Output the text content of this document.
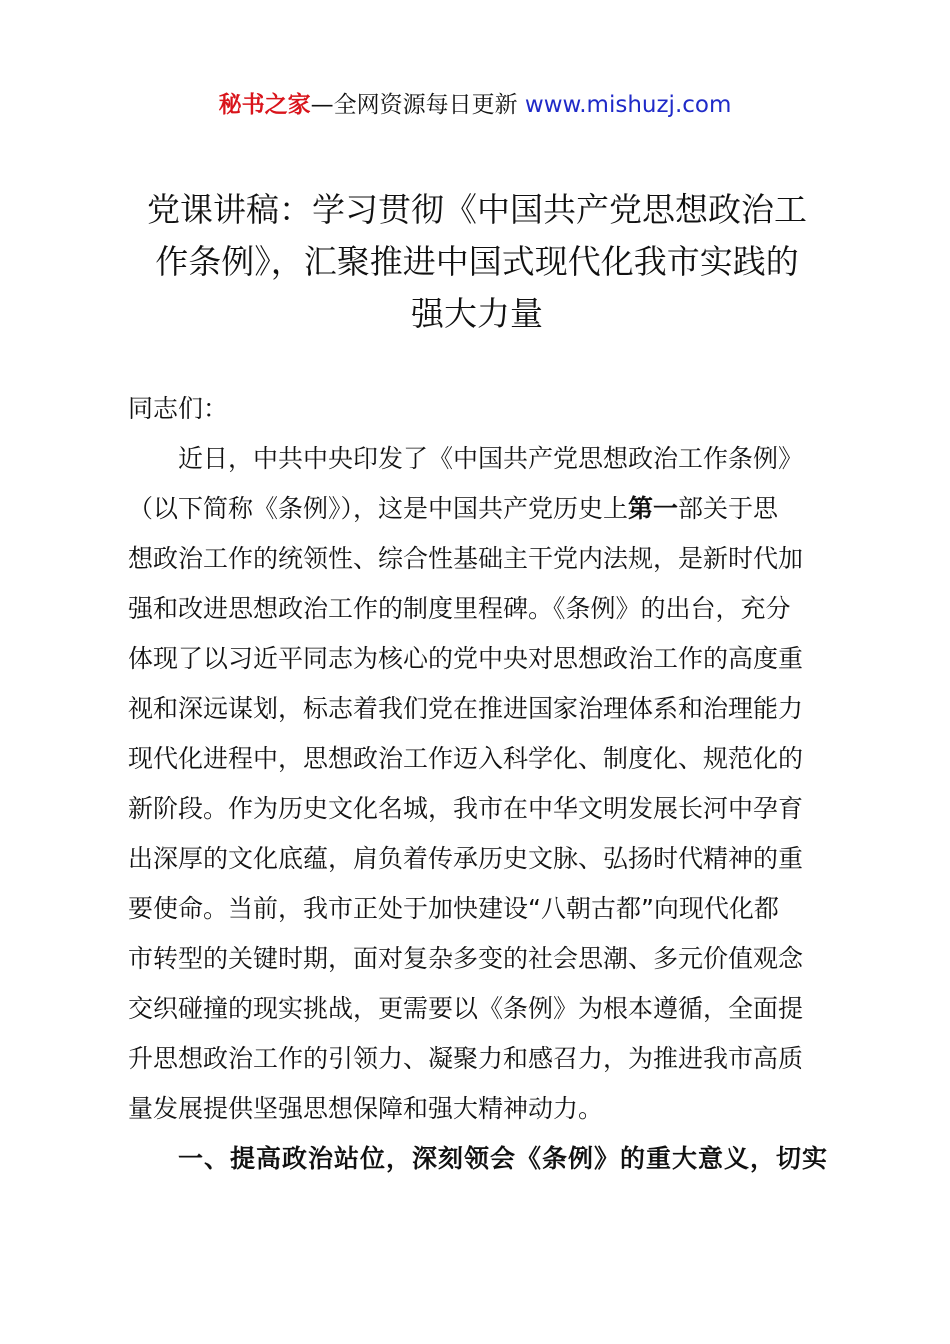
秘书之家—全网资源每日更新 www.mishuzj.com
党课讲稿：学习贯彻《中国共产党思想政治工
作条例》，汇聚推进中国式现代化我市实践的
强大力量

同志们：

近日，中共中央印发了《中国共产党思想政治工作条例》
（以下简称《条例》），这是中国共产党历史上第一部关于思
想政治工作的统领性、综合性基础主干党内法规，是新时代加
强和改进思想政治工作的制度里程碑。《条例》的出台，充分
体现了以习近平同志为核心的党中央对思想政治工作的高度重
视和深远谋划，标志着我们党在推进国家治理体系和治理能力
现代化进程中，思想政治工作迈入科学化、制度化、规范化的
新阶段。作为历史文化名城，我市在中华文明发展长河中孕育
出深厚的文化底蕴，肩负着传承历史文脉、弘扬时代精神的重
要使命。当前，我市正处于加快建设“八朝古都”向现代化都
市转型的关键时期，面对复杂多变的社会思潮、多元价值观念
交织碰撞的现实挑战，更需要以《条例》为根本遵循，全面提
升思想政治工作的引领力、凝聚力和感召力，为推进我市高质
量发展提供坚强思想保障和强大精神动力。

一、提高政治站位，深刻领会《条例》的重大意义，切实
